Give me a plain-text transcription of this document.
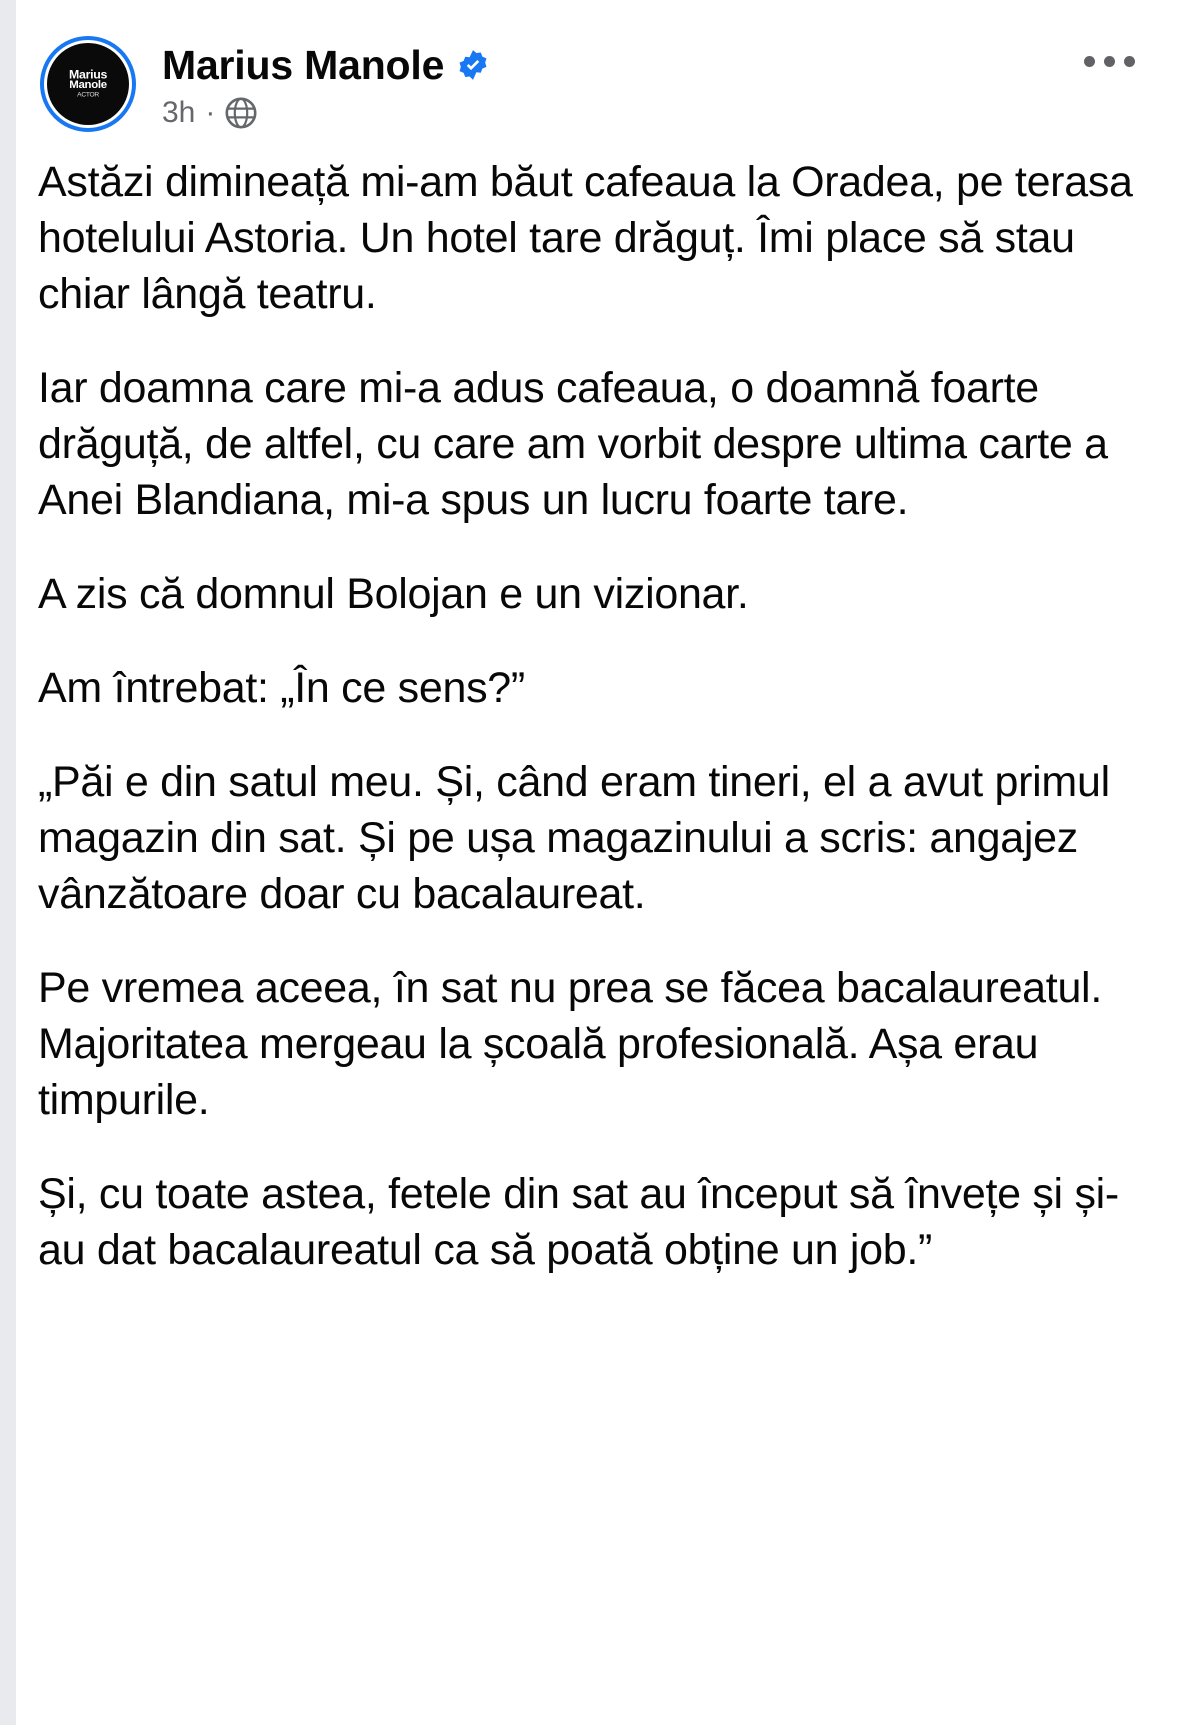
Marius
Manole
ACTOR
Marius Manole
3h ·

Astăzi dimineață mi-am băut cafeaua la Oradea, pe terasa hotelului Astoria. Un hotel tare drăguț. Îmi place să stau chiar lângă teatru.

Iar doamna care mi-a adus cafeaua, o doamnă foarte drăguță, de altfel, cu care am vorbit despre ultima carte a Anei Blandiana, mi-a spus un lucru foarte tare.

A zis că domnul Bolojan e un vizionar.

Am întrebat: „În ce sens?”

„Păi e din satul meu. Și, când eram tineri, el a avut primul magazin din sat. Și pe ușa magazinului a scris: angajez vânzătoare doar cu bacalaureat.

Pe vremea aceea, în sat nu prea se făcea bacalaureatul. Majoritatea mergeau la școală profesională. Așa erau timpurile.

Și, cu toate astea, fetele din sat au început să învețe și și-au dat bacalaureatul ca să poată obține un job.”
